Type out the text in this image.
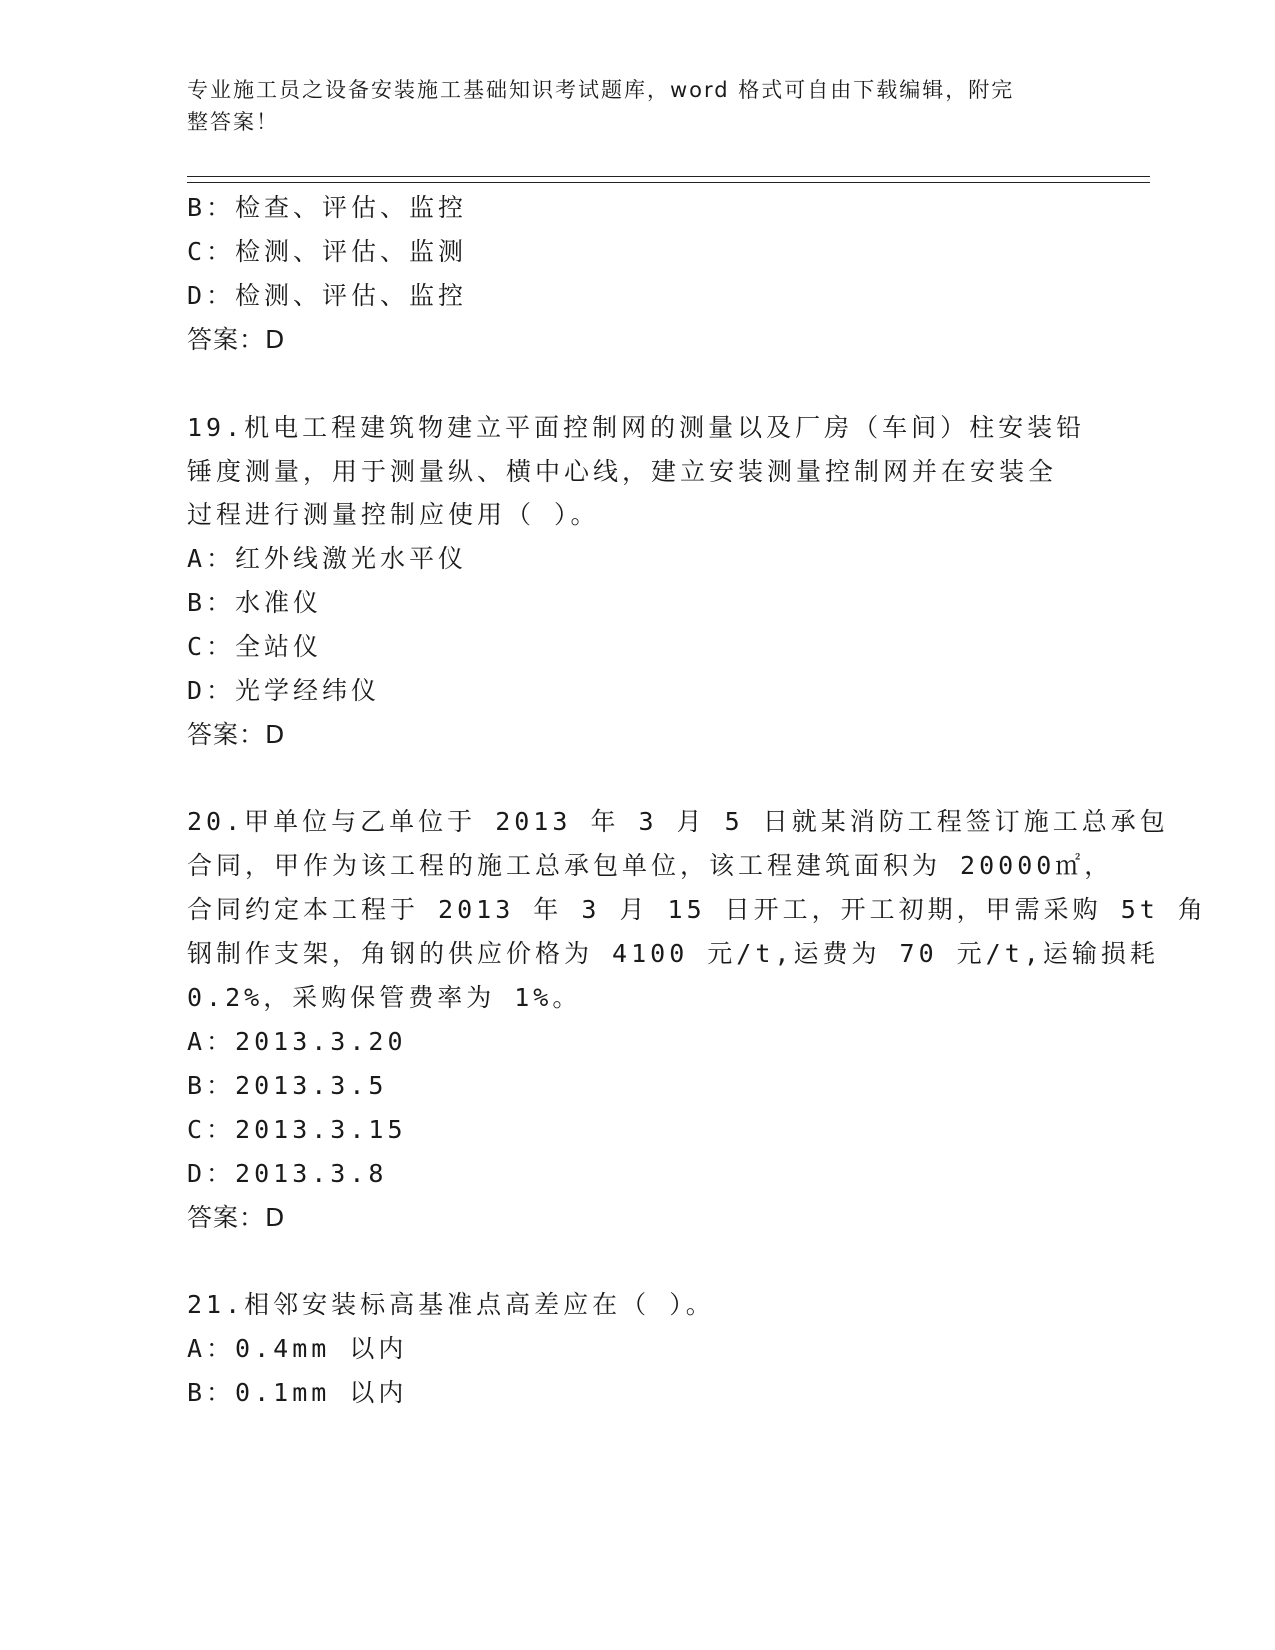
专业施工员之设备安装施工基础知识考试题库，word 格式可自由下载编辑，附完
整答案！
B：检查、评估、监控
C：检测、评估、监测
D：检测、评估、监控
答案：D
19.机电工程建筑物建立平面控制网的测量以及厂房（车间）柱安装铅
锤度测量，用于测量纵、横中心线，建立安装测量控制网并在安装全
过程进行测量控制应使用（ ）。
A：红外线激光水平仪
B：水准仪
C：全站仪
D：光学经纬仪
答案：D
20.甲单位与乙单位于 2013 年 3 月 5 日就某消防工程签订施工总承包
合同，甲作为该工程的施工总承包单位，该工程建筑面积为 20000㎡，
合同约定本工程于 2013 年 3 月 15 日开工，开工初期，甲需采购 5t 角
钢制作支架，角钢的供应价格为 4100 元/t,运费为 70 元/t,运输损耗
0.2%，采购保管费率为 1%。
A：2013.3.20
B：2013.3.5
C：2013.3.15
D：2013.3.8
答案：D
21.相邻安装标高基准点高差应在（ ）。
A：0.4mm 以内
B：0.1mm 以内
